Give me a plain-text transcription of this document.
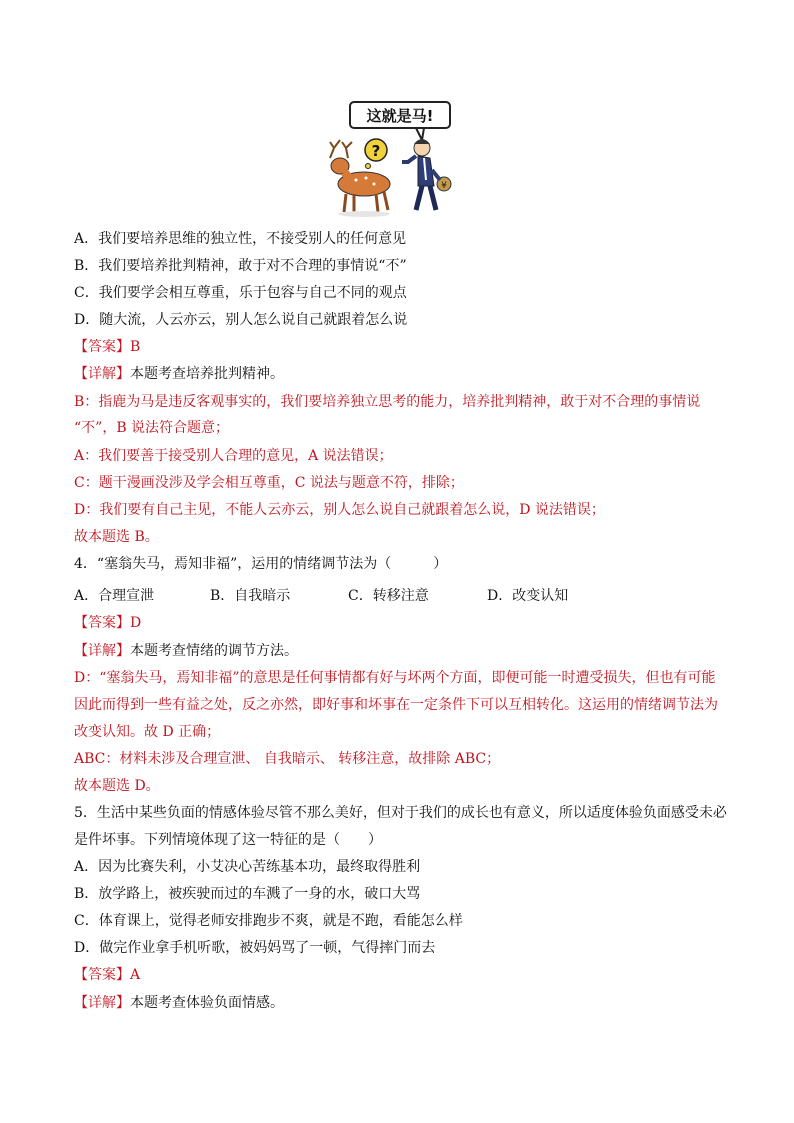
这就是马!
?
¥
A．我们要培养思维的独立性，不接受别人的任何意见
B．我们要培养批判精神，敢于对不合理的事情说“不”
C．我们要学会相互尊重，乐于包容与自己不同的观点
D．随大流，人云亦云，别人怎么说自己就跟着怎么说
【答案】B
【详解】本题考查培养批判精神。
B：指鹿为马是违反客观事实的，我们要培养独立思考的能力，培养批判精神，敢于对不合理的事情说
“不”，B 说法符合题意；
A：我们要善于接受别人合理的意见，A 说法错误；
C：题干漫画没涉及学会相互尊重，C 说法与题意不符，排除；
D：我们要有自己主见，不能人云亦云，别人怎么说自己就跟着怎么说，D 说法错误；
故本题选 B。
4．“塞翁失马，焉知非福”，运用的情绪调节法为（　　　）
A．合理宣泄	B．自我暗示	C．转移注意	D．改变认知
【答案】D
【详解】本题考查情绪的调节方法。
D：“塞翁失马，焉知非福”的意思是任何事情都有好与坏两个方面，即便可能一时遭受损失，但也有可能
因此而得到一些有益之处，反之亦然，即好事和坏事在一定条件下可以互相转化。这运用的情绪调节法为
改变认知。故 D 正确；
ABC：材料未涉及合理宣泄、 自我暗示、 转移注意，故排除 ABC；
故本题选 D。
5．生活中某些负面的情感体验尽管不那么美好，但对于我们的成长也有意义，所以适度体验负面感受未必
是件坏事。下列情境体现了这一特征的是（　　）
A．因为比赛失利，小艾决心苦练基本功，最终取得胜利
B．放学路上，被疾驶而过的车溅了一身的水，破口大骂
C．体育课上，觉得老师安排跑步不爽，就是不跑，看能怎么样
D．做完作业拿手机听歌，被妈妈骂了一顿，气得摔门而去
【答案】A
【详解】本题考查体验负面情感。
